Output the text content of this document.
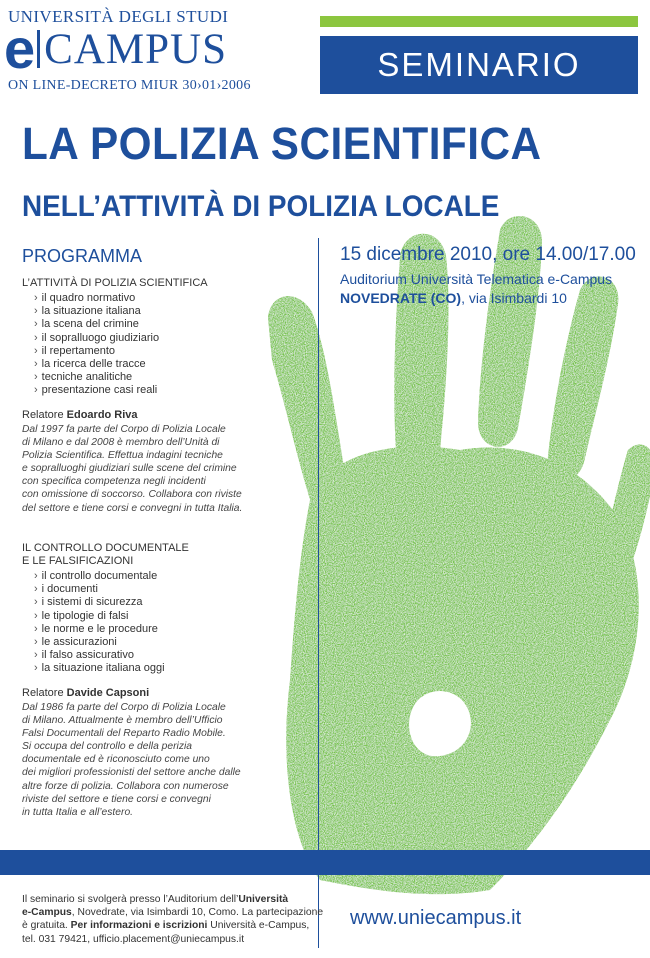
UNIVERSITÀ DEGLI STUDI
e CAMPUS
ON LINE-DECRETO MIUR 30›01›2006
SEMINARIO
LA POLIZIA SCIENTIFICA
NELL’ATTIVITÀ DI POLIZIA LOCALE
15 dicembre 2010, ore 14.00/17.00
Auditorium Università Telematica e-Campus
NOVEDRATE (CO), via Isimbardi 10
PROGRAMMA
L’ATTIVITÀ DI POLIZIA SCIENTIFICA
› il quadro normativo
› la situazione italiana
› la scena del crimine
› il sopralluogo giudiziario
› il repertamento
› la ricerca delle tracce
› tecniche analitiche
› presentazione casi reali
Relatore Edoardo Riva
Dal 1997 fa parte del Corpo di Polizia Locale
di Milano e dal 2008 è membro dell’Unità di
Polizia Scientifica. Effettua indagini tecniche
e sopralluoghi giudiziari sulle scene del crimine
con specifica competenza negli incidenti
con omissione di soccorso. Collabora con riviste
del settore e tiene corsi e convegni in tutta Italia.
IL CONTROLLO DOCUMENTALE
E LE FALSIFICAZIONI
› il controllo documentale
› i documenti
› i sistemi di sicurezza
› le tipologie di falsi
› le norme e le procedure
› le assicurazioni
› il falso assicurativo
› la situazione italiana oggi
Relatore Davide Capsoni
Dal 1986 fa parte del Corpo di Polizia Locale
di Milano. Attualmente è membro dell’Ufficio
Falsi Documentali del Reparto Radio Mobile.
Si occupa del controllo e della perizia
documentale ed è riconosciuto come uno
dei migliori professionisti del settore anche dalle
altre forze di polizia. Collabora con numerose
riviste del settore e tiene corsi e convegni
in tutta Italia e all’estero.
Il seminario si svolgerà presso l’Auditorium dell’Università
e-Campus, Novedrate, via Isimbardi 10, Como. La partecipazione
è gratuita. Per informazioni e iscrizioni Università e-Campus,
tel. 031 79421, ufficio.placement@uniecampus.it
www.uniecampus.it
